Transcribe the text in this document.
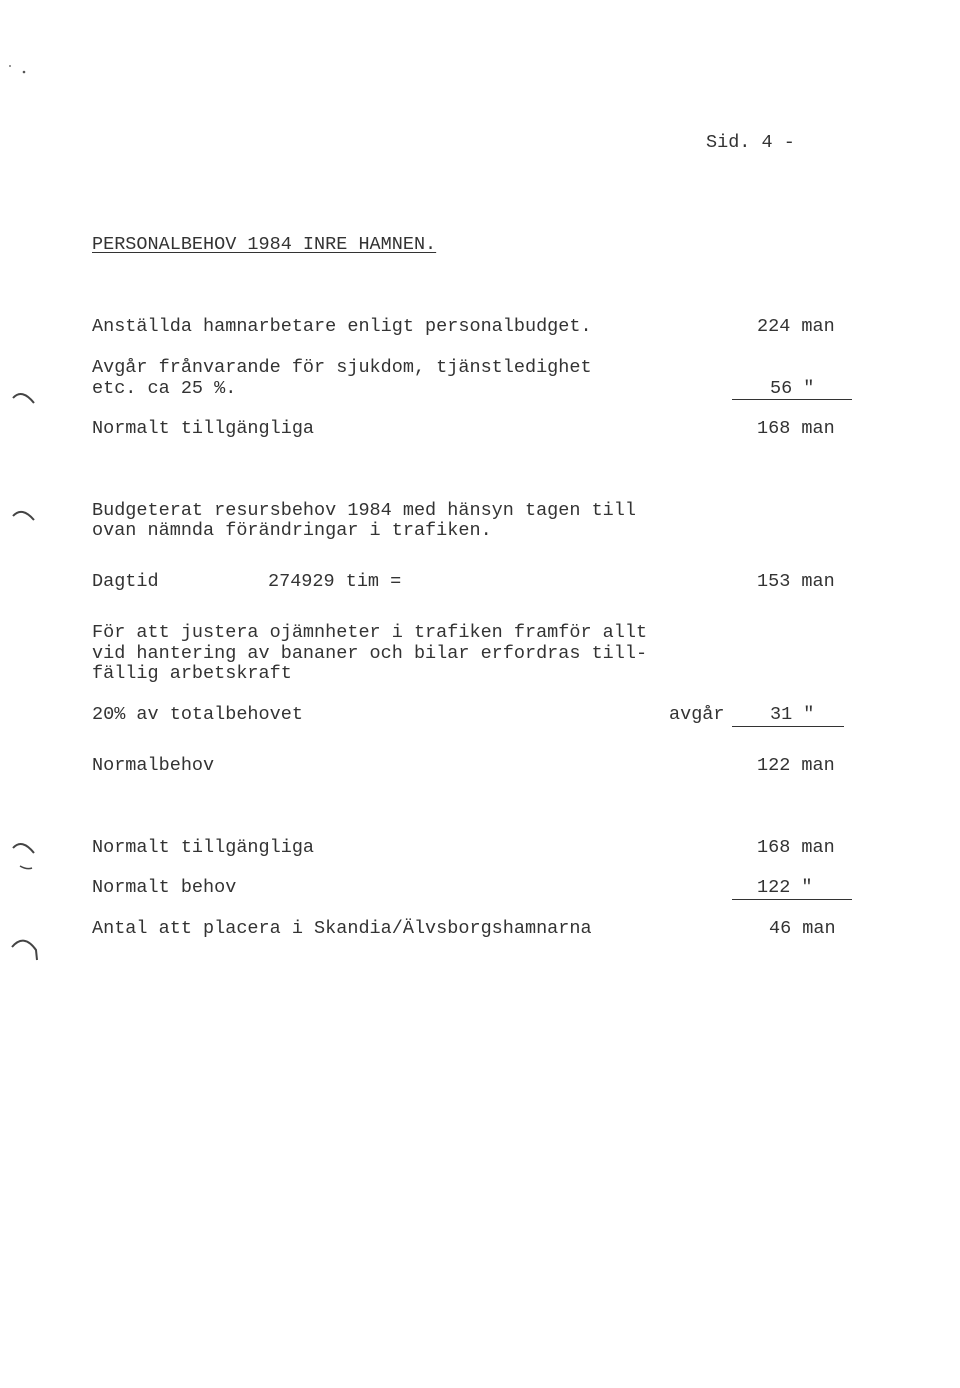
Sid. 4 -
PERSONALBEHOV 1984 INRE HAMNEN.
Anställda hamnarbetare enligt personalbudget.	224 man
Avgår frånvarande för sjukdom, tjänstledighet
etc. ca 25 %.	56 "
Normalt tillgängliga	168 man
Budgeterat resursbehov 1984 med hänsyn tagen till
ovan nämnda förändringar i trafiken.
Dagtid	274929 tim =	153 man
För att justera ojämnheter i trafiken framför allt
vid hantering av bananer och bilar erfordras till-
fällig arbetskraft
20% av totalbehovet	avgår 31 "
Normalbehov	122 man
Normalt tillgängliga	168 man
Normalt behov	122 "
Antal att placera i Skandia/Älvsborgshamnarna	46 man
